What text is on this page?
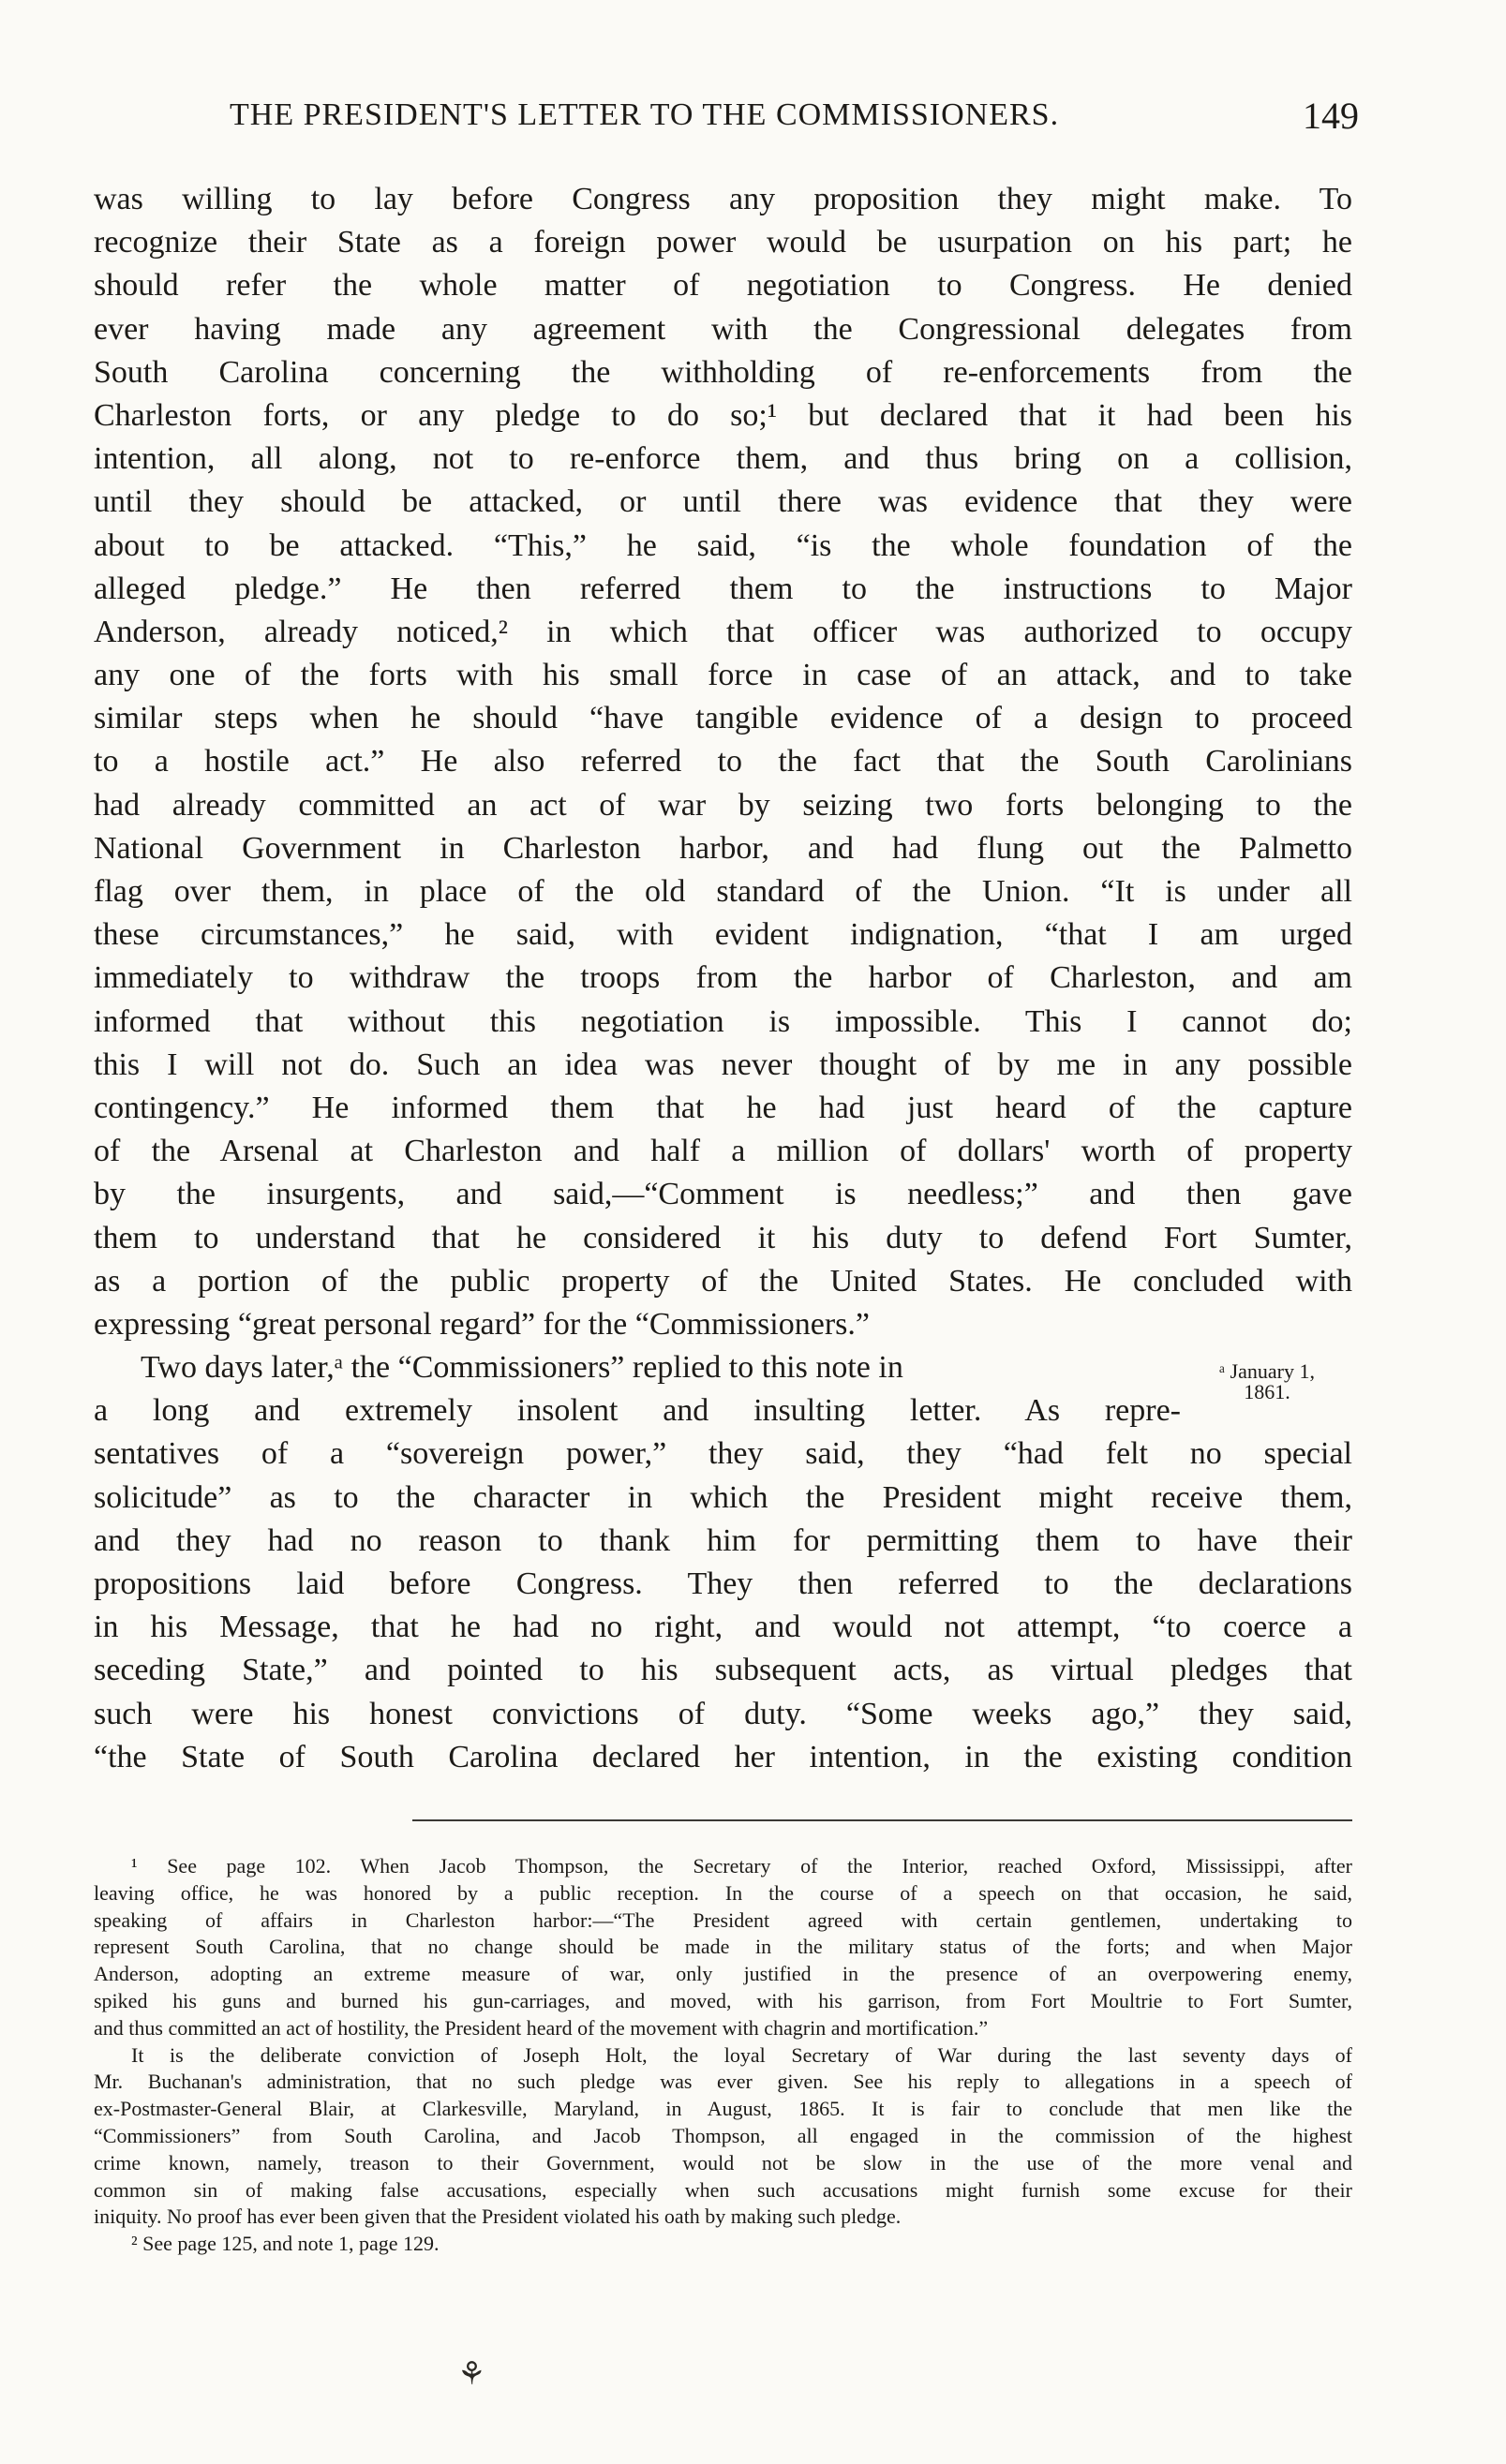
THE PRESIDENT'S LETTER TO THE COMMISSIONERS.	149
was willing to lay before Congress any proposition they might make. To
recognize their State as a foreign power would be usurpation on his part; he
should refer the whole matter of negotiation to Congress. He denied
ever having made any agreement with the Congressional delegates from
South Carolina concerning the withholding of re-enforcements from the
Charleston forts, or any pledge to do so;¹ but declared that it had been his
intention, all along, not to re-enforce them, and thus bring on a collision,
until they should be attacked, or until there was evidence that they were
about to be attacked. “This,” he said, “is the whole foundation of the
alleged pledge.” He then referred them to the instructions to Major
Anderson, already noticed,² in which that officer was authorized to occupy
any one of the forts with his small force in case of an attack, and to take
similar steps when he should “have tangible evidence of a design to proceed
to a hostile act.” He also referred to the fact that the South Carolinians
had already committed an act of war by seizing two forts belonging to the
National Government in Charleston harbor, and had flung out the Palmetto
flag over them, in place of the old standard of the Union. “It is under all
these circumstances,” he said, with evident indignation, “that I am urged
immediately to withdraw the troops from the harbor of Charleston, and am
informed that without this negotiation is impossible. This I cannot do;
this I will not do. Such an idea was never thought of by me in any possible
contingency.” He informed them that he had just heard of the capture
of the Arsenal at Charleston and half a million of dollars' worth of property
by the insurgents, and said,—“Comment is needless;” and then gave
them to understand that he considered it his duty to defend Fort Sumter,
as a portion of the public property of the United States. He concluded with
expressing “great personal regard” for the “Commissioners.”
Two days later,ᵃ the “Commissioners” replied to this note in
a long and extremely insolent and insulting letter. As repre-
sentatives of a “sovereign power,” they said, they “had felt no special
solicitude” as to the character in which the President might receive them,
and they had no reason to thank him for permitting them to have their
propositions laid before Congress. They then referred to the declarations
in his Message, that he had no right, and would not attempt, “to coerce a
seceding State,” and pointed to his subsequent acts, as virtual pledges that
such were his honest convictions of duty. “Some weeks ago,” they said,
“the State of South Carolina declared her intention, in the existing condition
ᵃ January 1,
1861.
¹ See page 102. When Jacob Thompson, the Secretary of the Interior, reached Oxford, Mississippi, after
leaving office, he was honored by a public reception. In the course of a speech on that occasion, he said,
speaking of affairs in Charleston harbor:—“The President agreed with certain gentlemen, undertaking to
represent South Carolina, that no change should be made in the military status of the forts; and when Major
Anderson, adopting an extreme measure of war, only justified in the presence of an overpowering enemy,
spiked his guns and burned his gun-carriages, and moved, with his garrison, from Fort Moultrie to Fort Sumter,
and thus committed an act of hostility, the President heard of the movement with chagrin and mortification.”
It is the deliberate conviction of Joseph Holt, the loyal Secretary of War during the last seventy days of
Mr. Buchanan's administration, that no such pledge was ever given. See his reply to allegations in a speech of
ex-Postmaster-General Blair, at Clarkesville, Maryland, in August, 1865. It is fair to conclude that men like the
“Commissioners” from South Carolina, and Jacob Thompson, all engaged in the commission of the highest
crime known, namely, treason to their Government, would not be slow in the use of the more venal and
common sin of making false accusations, especially when such accusations might furnish some excuse for their
iniquity. No proof has ever been given that the President violated his oath by making such pledge.
² See page 125, and note 1, page 129.
⚘
